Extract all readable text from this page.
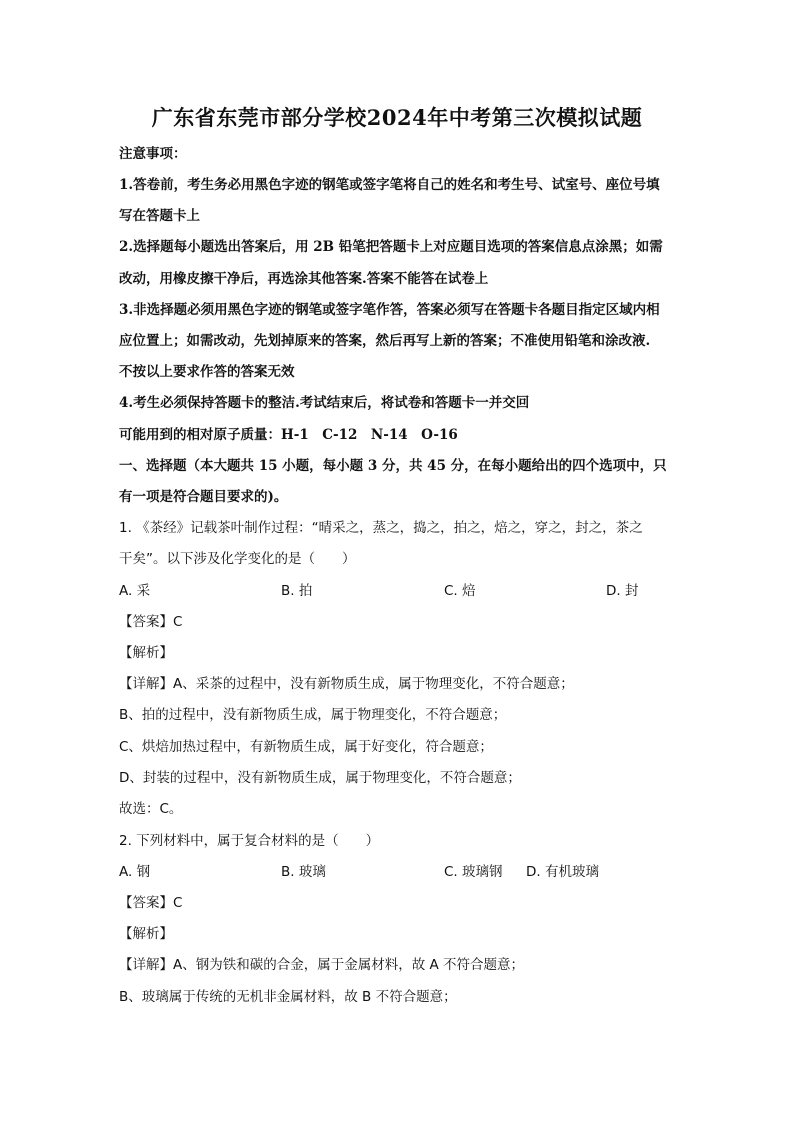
广东省东莞市部分学校2024年中考第三次模拟试题
注意事项：
1.答卷前，考生务必用黑色字迹的钢笔或签字笔将自己的姓名和考生号、试室号、座位号填
写在答题卡上
2.选择题每小题选出答案后，用 2B 铅笔把答题卡上对应题目选项的答案信息点涂黑；如需
改动，用橡皮擦干净后，再选涂其他答案.答案不能答在试卷上
3.非选择题必须用黑色字迹的钢笔或签字笔作答，答案必须写在答题卡各题目指定区域内相
应位置上；如需改动，先划掉原来的答案，然后再写上新的答案；不准使用铅笔和涂改液.
不按以上要求作答的答案无效
4.考生必须保持答题卡的整洁.考试结束后，将试卷和答题卡一并交回
可能用到的相对原子质量：H-1　C-12　N-14　O-16
一、选择题（本大题共 15 小题，每小题 3 分，共 45 分，在每小题给出的四个选项中，只
有一项是符合题目要求的)。
1. 《茶经》记载茶叶制作过程：“晴采之，蒸之，捣之，拍之，焙之，穿之，封之，茶之
干矣”。以下涉及化学变化的是（　　）
A. 采	B. 拍	C. 焙	D. 封
【答案】C
【解析】
【详解】A、采茶的过程中，没有新物质生成，属于物理变化，不符合题意；
B、拍的过程中，没有新物质生成，属于物理变化，不符合题意；
C、烘焙加热过程中，有新物质生成，属于好变化，符合题意；
D、封装的过程中，没有新物质生成，属于物理变化，不符合题意；
故选：C。
2. 下列材料中，属于复合材料的是（　　）
A. 钢	B. 玻璃	C. 玻璃钢 D. 有机玻璃
【答案】C
【解析】
【详解】A、钢为铁和碳的合金，属于金属材料，故 A 不符合题意；
B、玻璃属于传统的无机非金属材料，故 B 不符合题意；
